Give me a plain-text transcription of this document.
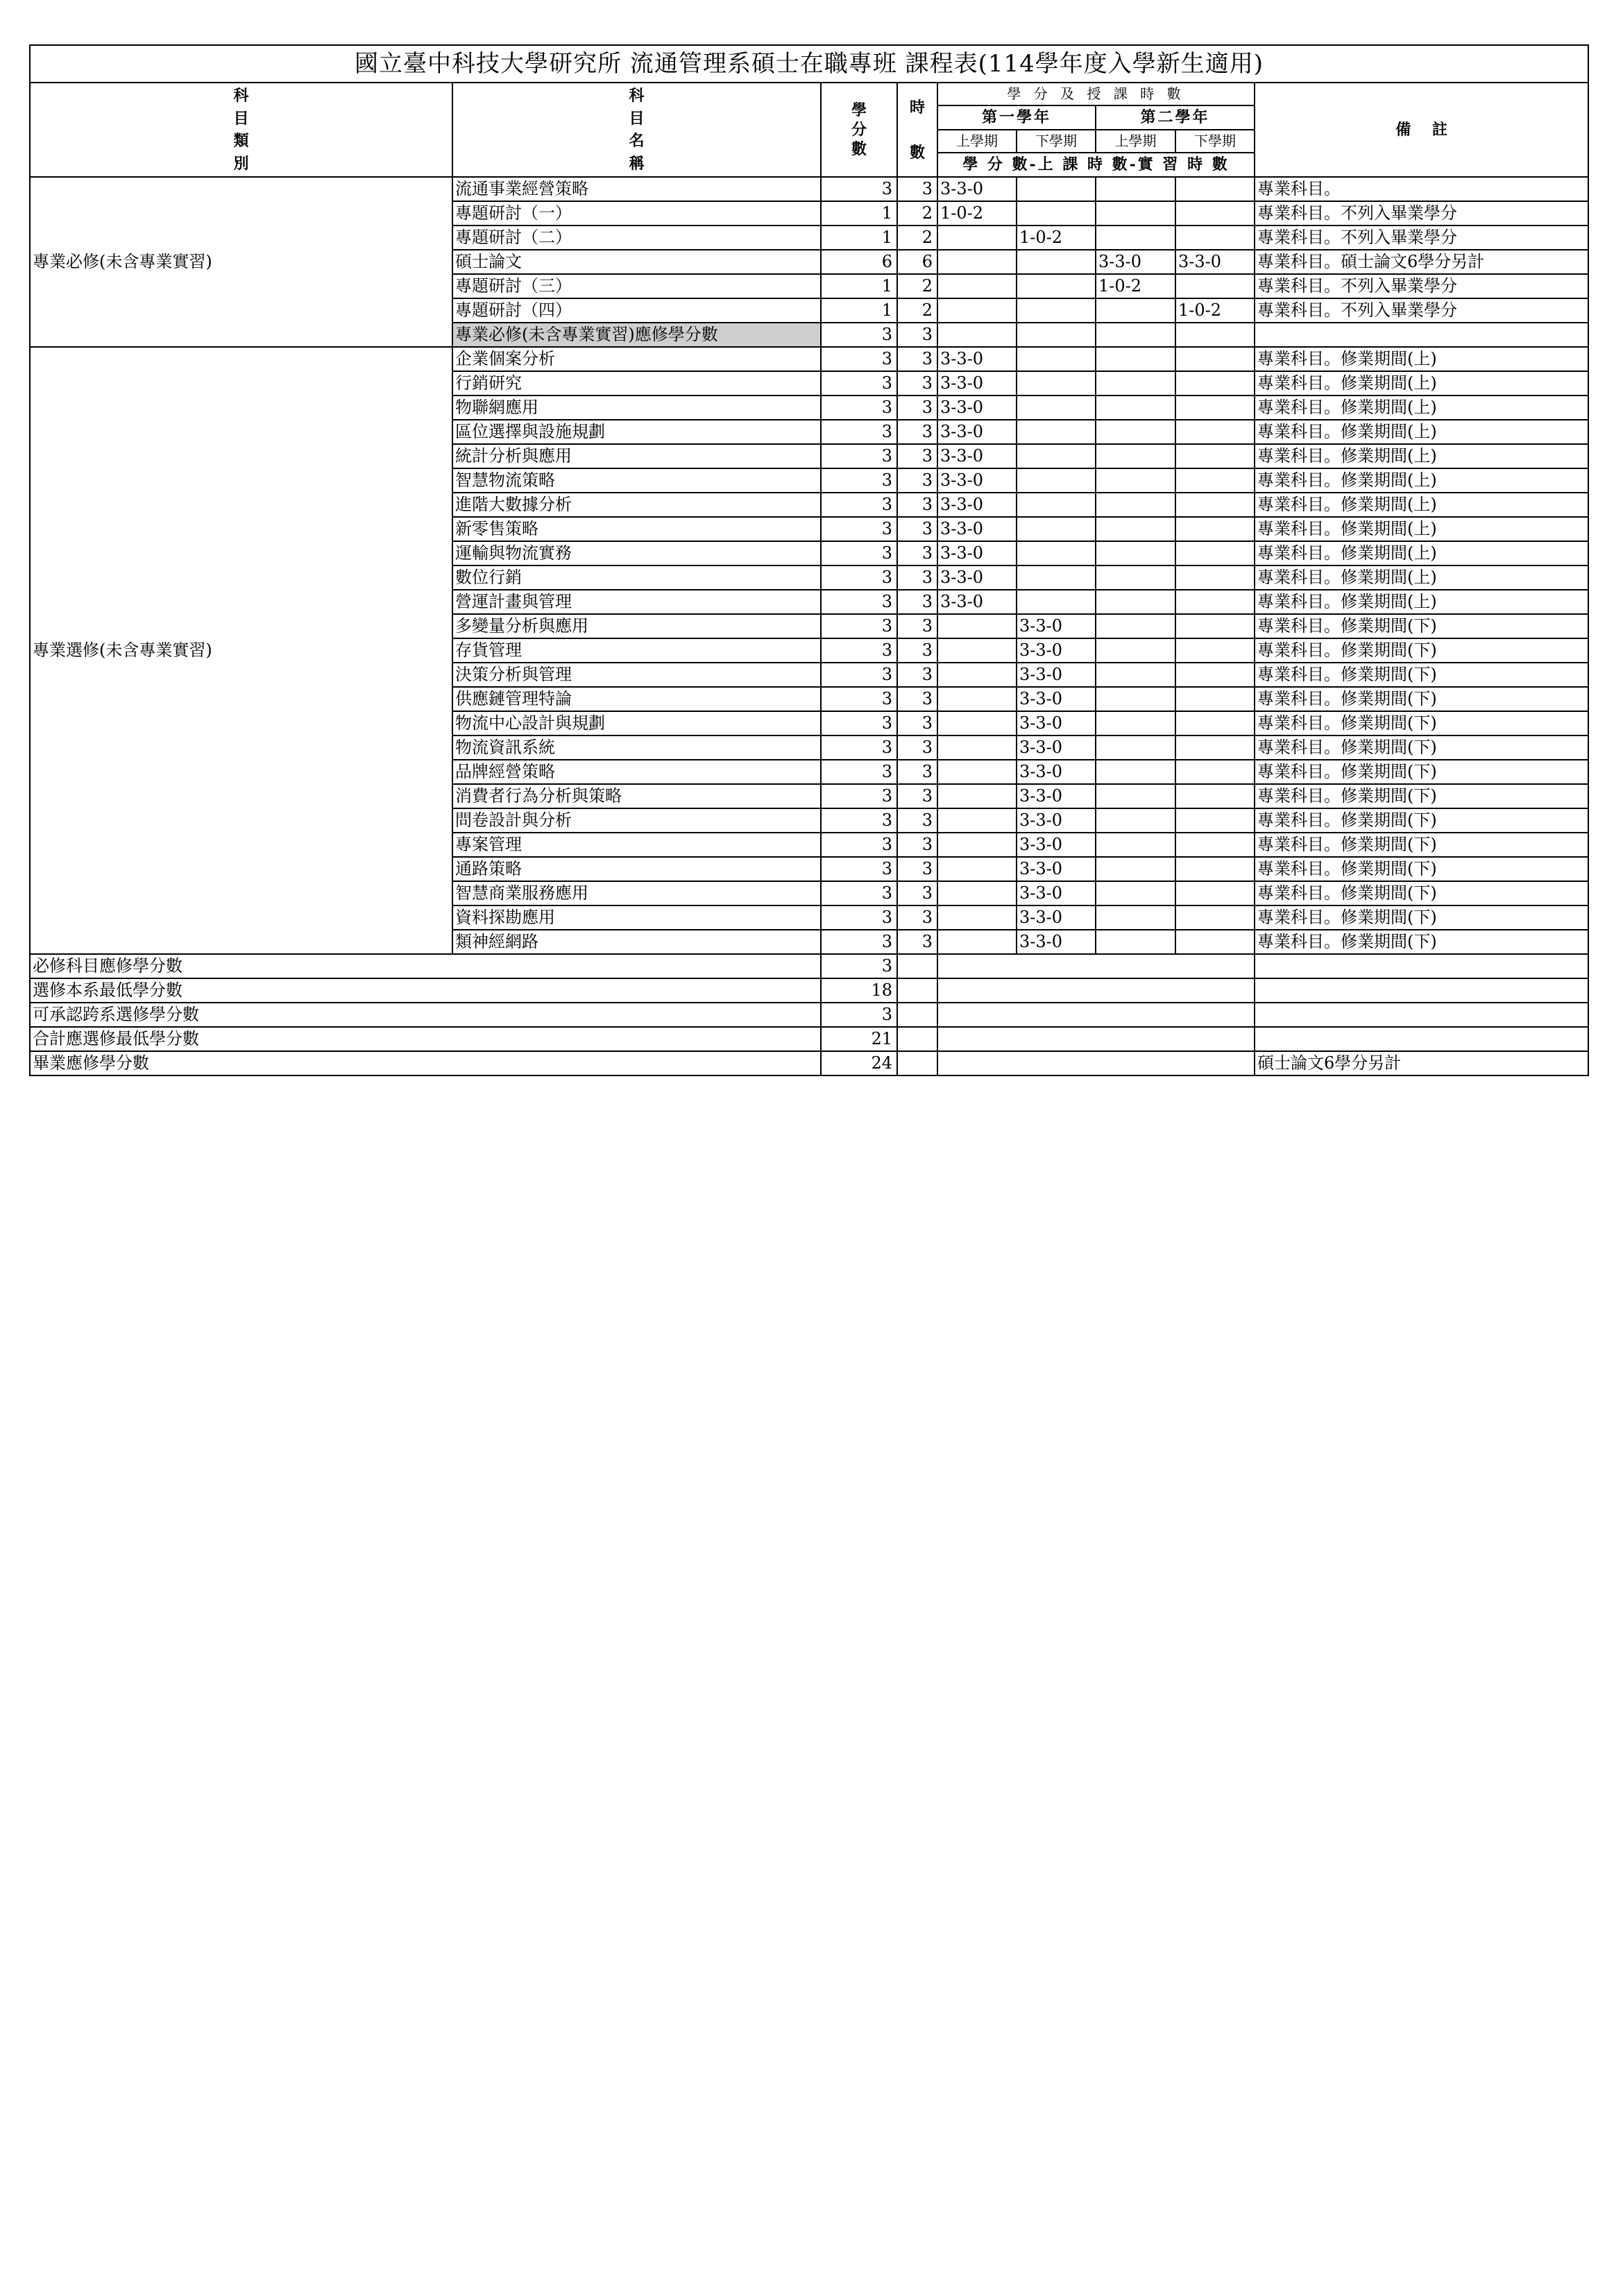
國立臺中科技大學研究所 流通管理系碩士在職專班 課程表(114學年度入學新生適用)								

科
目
類
別	科
目
名
稱	學
分
數	時
數	學 分 及 授 課 時 數				備    註
				第一學年		第二學年		
				上學期	下學期	上學期	下學期	
				學 分 數-上 課 時 數-實 習 時 數				
專業必修(未含專業實習)	流通事業經營策略	3	3	3-3-0				專業科目。
	專題研討（一）	1	2	1-0-2				專業科目。不列入畢業學分
	專題研討（二）	1	2		1-0-2			專業科目。不列入畢業學分
	碩士論文	6	6			3-3-0	3-3-0	專業科目。碩士論文6學分另計
	專題研討（三）	1	2			1-0-2		專業科目。不列入畢業學分
	專題研討（四）	1	2				1-0-2	專業科目。不列入畢業學分
	專業必修(未含專業實習)應修學分數	3	3					
專業選修(未含專業實習)	企業個案分析	3	3	3-3-0				專業科目。修業期間(上)
	行銷研究	3	3	3-3-0				專業科目。修業期間(上)
	物聯網應用	3	3	3-3-0				專業科目。修業期間(上)
	區位選擇與設施規劃	3	3	3-3-0				專業科目。修業期間(上)
	統計分析與應用	3	3	3-3-0				專業科目。修業期間(上)
	智慧物流策略	3	3	3-3-0				專業科目。修業期間(上)
	進階大數據分析	3	3	3-3-0				專業科目。修業期間(上)
	新零售策略	3	3	3-3-0				專業科目。修業期間(上)
	運輸與物流實務	3	3	3-3-0				專業科目。修業期間(上)
	數位行銷	3	3	3-3-0				專業科目。修業期間(上)
	營運計畫與管理	3	3	3-3-0				專業科目。修業期間(上)
	多變量分析與應用	3	3		3-3-0			專業科目。修業期間(下)
	存貨管理	3	3		3-3-0			專業科目。修業期間(下)
	決策分析與管理	3	3		3-3-0			專業科目。修業期間(下)
	供應鏈管理特論	3	3		3-3-0			專業科目。修業期間(下)
	物流中心設計與規劃	3	3		3-3-0			專業科目。修業期間(下)
	物流資訊系統	3	3		3-3-0			專業科目。修業期間(下)
	品牌經營策略	3	3		3-3-0			專業科目。修業期間(下)
	消費者行為分析與策略	3	3		3-3-0			專業科目。修業期間(下)
	問卷設計與分析	3	3		3-3-0			專業科目。修業期間(下)
	專案管理	3	3		3-3-0			專業科目。修業期間(下)
	通路策略	3	3		3-3-0			專業科目。修業期間(下)
	智慧商業服務應用	3	3		3-3-0			專業科目。修業期間(下)
	資料探勘應用	3	3		3-3-0			專業科目。修業期間(下)
	類神經網路	3	3		3-3-0			專業科目。修業期間(下)
必修科目應修學分數		3						
選修本系最低學分數		18						
可承認跨系選修學分數		3						
合計應選修最低學分數		21						
畢業應修學分數		24						碩士論文6學分另計
